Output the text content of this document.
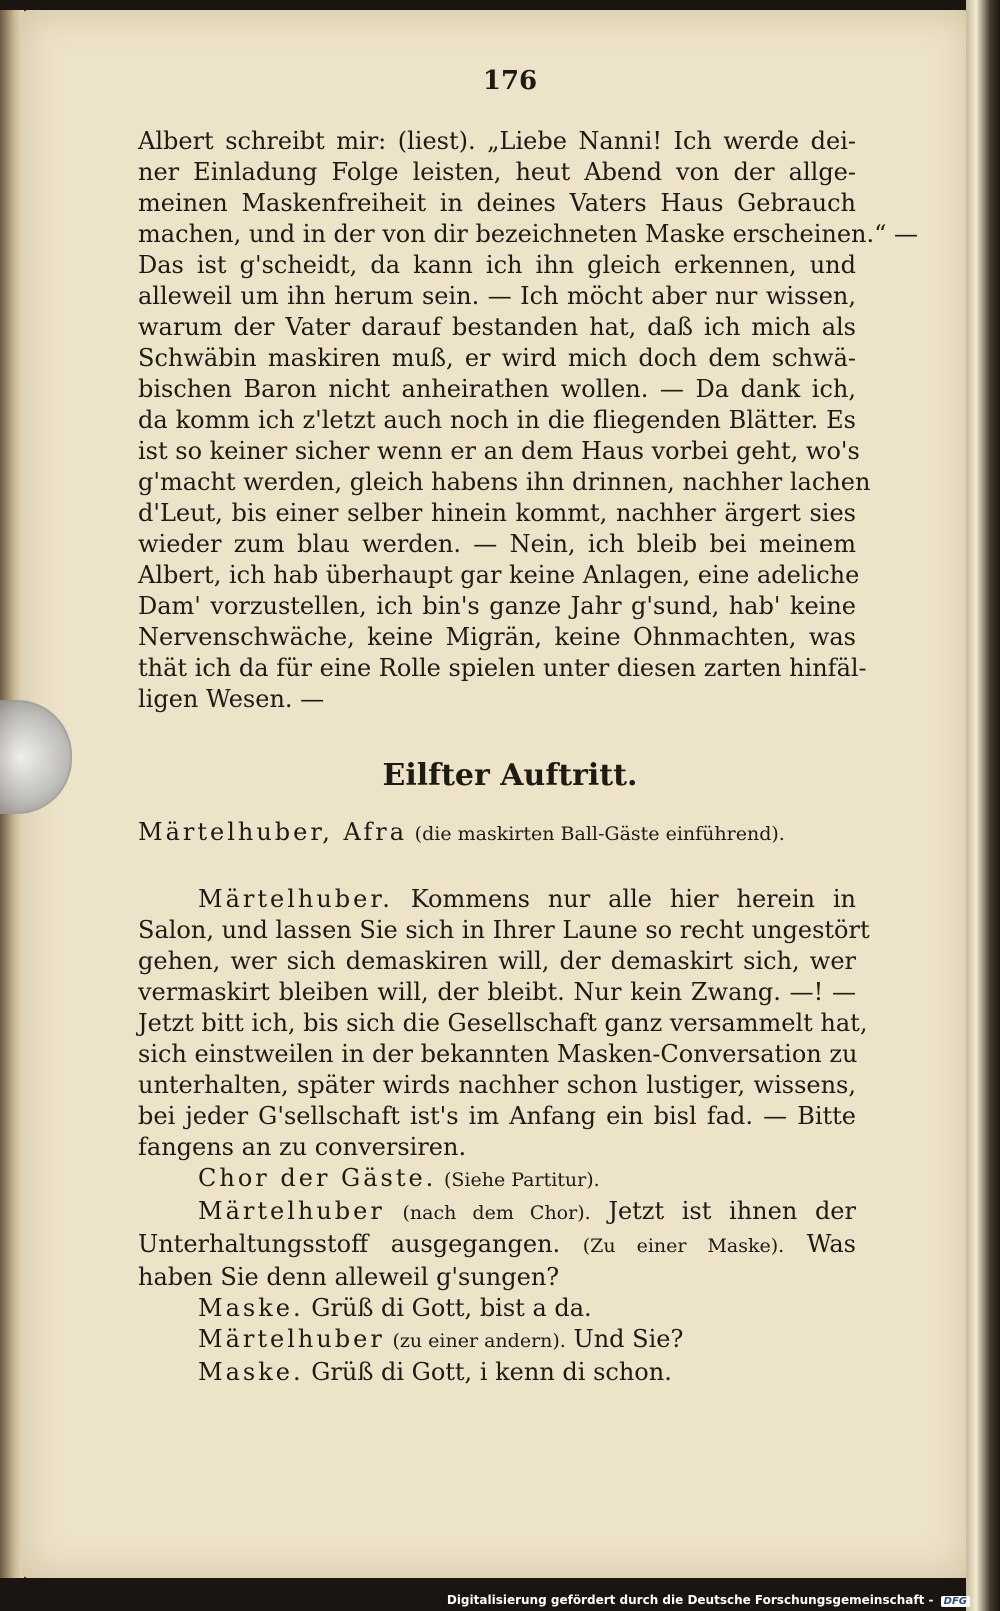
176
Albert schreibt mir: (liest). „Liebe Nanni! Ich werde dei-
ner Einladung Folge leisten, heut Abend von der allge-
meinen Maskenfreiheit in deines Vaters Haus Gebrauch
machen, und in der von dir bezeichneten Maske erscheinen.“ —
Das ist g'scheidt, da kann ich ihn gleich erkennen, und
alleweil um ihn herum sein. — Ich möcht aber nur wissen,
warum der Vater darauf bestanden hat, daß ich mich als
Schwäbin maskiren muß, er wird mich doch dem schwä-
bischen Baron nicht anheirathen wollen. — Da dank ich,
da komm ich z'letzt auch noch in die fliegenden Blätter. Es
ist so keiner sicher wenn er an dem Haus vorbei geht, wo's
g'macht werden, gleich habens ihn drinnen, nachher lachen
d'Leut, bis einer selber hinein kommt, nachher ärgert sies
wieder zum blau werden. — Nein, ich bleib bei meinem
Albert, ich hab überhaupt gar keine Anlagen, eine adeliche
Dam' vorzustellen, ich bin's ganze Jahr g'sund, hab' keine
Nervenschwäche, keine Migrän, keine Ohnmachten, was
thät ich da für eine Rolle spielen unter diesen zarten hinfäl-
ligen Wesen. —
Eilfter Auftritt.
Märtelhuber, Afra (die maskirten Ball-Gäste einführend).
Märtelhuber. Kommens nur alle hier herein in
Salon, und lassen Sie sich in Ihrer Laune so recht ungestört
gehen, wer sich demaskiren will, der demaskirt sich, wer
vermaskirt bleiben will, der bleibt. Nur kein Zwang. —! —
Jetzt bitt ich, bis sich die Gesellschaft ganz versammelt hat,
sich einstweilen in der bekannten Masken-Conversation zu
unterhalten, später wirds nachher schon lustiger, wissens,
bei jeder G'sellschaft ist's im Anfang ein bisl fad. — Bitte
fangens an zu conversiren.
Chor der Gäste. (Siehe Partitur).
Märtelhuber (nach dem Chor). Jetzt ist ihnen der
Unterhaltungsstoff ausgegangen. (Zu einer Maske). Was
haben Sie denn alleweil g'sungen?
Maske. Grüß di Gott, bist a da.
Märtelhuber (zu einer andern). Und Sie?
Maske. Grüß di Gott, i kenn di schon.
Digitalisierung gefördert durch die Deutsche Forschungsgemeinschaft - DFG
